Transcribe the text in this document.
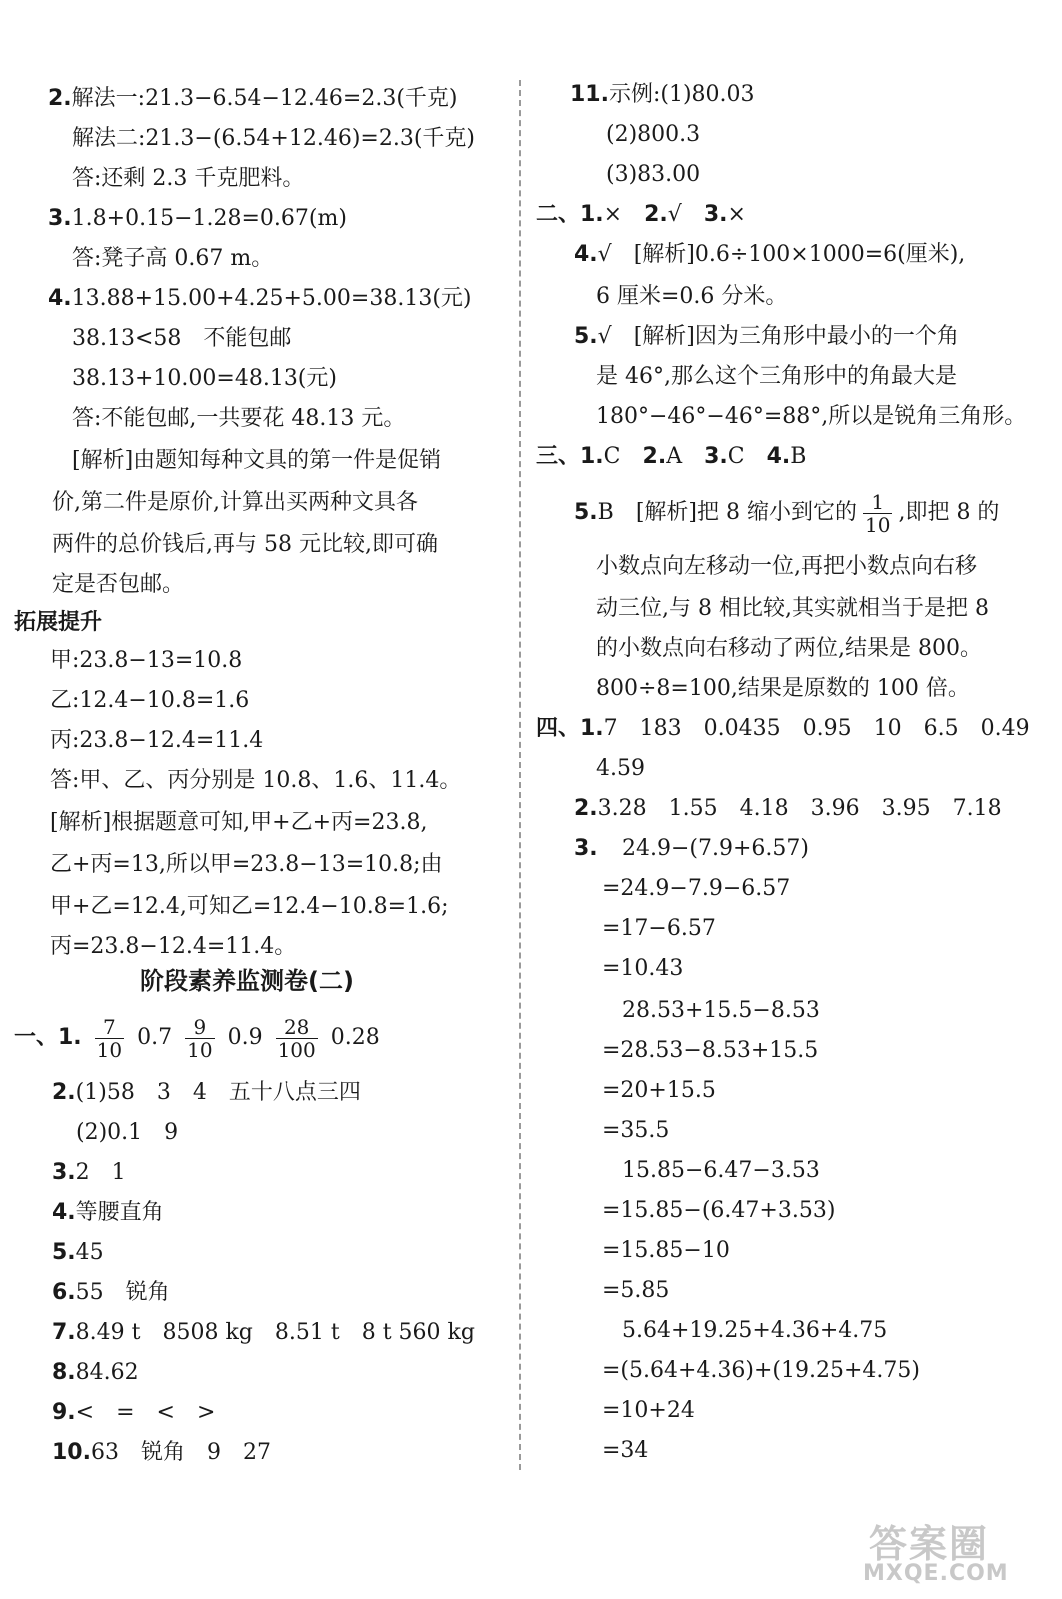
2.解法一:21.3−6.54−12.46=2.3(千克)
解法二:21.3−(6.54+12.46)=2.3(千克)
答:还剩 2.3 千克肥料。
3.1.8+0.15−1.28=0.67(m)
答:凳子高 0.67 m。
4.13.88+15.00+4.25+5.00=38.13(元)
38.13<58　不能包邮
38.13+10.00=48.13(元)
答:不能包邮,一共要花 48.13 元。
[解析]由题知每种文具的第一件是促销
价,第二件是原价,计算出买两种文具各
两件的总价钱后,再与 58 元比较,即可确
定是否包邮。
拓展提升
甲:23.8−13=10.8
乙:12.4−10.8=1.6
丙:23.8−12.4=11.4
答:甲、乙、丙分别是 10.8、1.6、11.4。
[解析]根据题意可知,甲+乙+丙=23.8,
乙+丙=13,所以甲=23.8−13=10.8;由
甲+乙=12.4,可知乙=12.4−10.8=1.6;
丙=23.8−12.4=11.4。
阶段素养监测卷(二)
一、1. $\frac{7}{10} 0.7 \frac{9}{10} 0.9 \frac{28}{100} 0.28$
2.(1)58　3　4　五十八点三四
(2)0.1　9
3.2　1
4.等腰直角
5.45
6.55　锐角
7.8.49 t　8508 kg　8.51 t　8 t 560 kg
8.84.62
9.<　=　<　>
10.63　锐角　9　27
11.示例:(1)80.03
(2)800.3
(3)83.00
二、1.×　2.√　3.×
4.√　[解析]0.6÷100×1000=6(厘米),
6 厘米=0.6 分米。
5.√　[解析]因为三角形中最小的一个角
是 46°,那么这个三角形中的角最大是
180°−46°−46°=88°,所以是锐角三角形。
三、1.C　2.A　3.C　4.B
5.B　[解析]把 8 缩小到它的 $\frac{1}{10}$ ,即把 8 的
小数点向左移动一位,再把小数点向右移
动三位,与 8 相比较,其实就相当于是把 8
的小数点向右移动了两位,结果是 800。
800÷8=100,结果是原数的 100 倍。
四、1.7　183　0.0435　0.95　10　6.5　0.49
4.59
2.3.28　1.55　4.18　3.96　3.95　7.18
3. 24.9−(7.9+6.57)
=24.9−7.9−6.57
=17−6.57
=10.43
28.53+15.5−8.53
=28.53−8.53+15.5
=20+15.5
=35.5
15.85−6.47−3.53
=15.85−(6.47+3.53)
=15.85−10
=5.85
5.64+19.25+4.36+4.75
=(5.64+4.36)+(19.25+4.75)
=10+24
=34
答案圈
MXQE.COM
